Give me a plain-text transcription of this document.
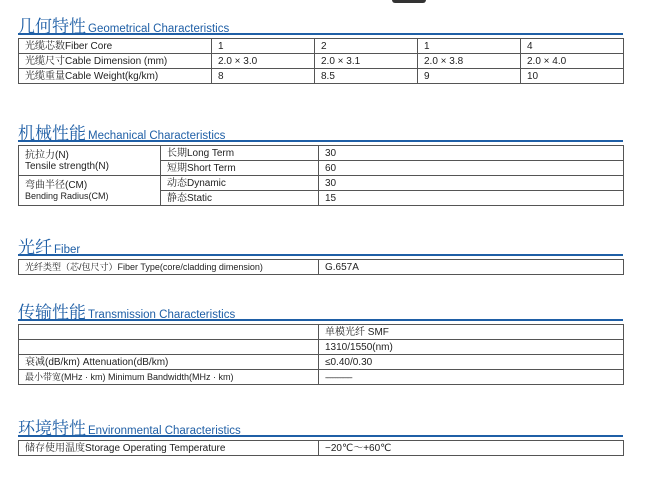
几何特性 Geometrical Characteristics
光缆芯数Fiber Core	1	2	1	4
光缆尺寸Cable Dimension (mm)	2.0 × 3.0	2.0 × 3.1	2.0 × 3.8	2.0 × 4.0
光缆重量Cable Weight(kg/km)	8	8.5	9	10
机械性能 Mechanical Characteristics
抗拉力(N)
Tensile strength(N)	长期Long Term	30
	短期Short Term	60

弯曲半径(CM)
Bending Radius(CM)	动态Dynamic	30
	静态Static	15
光纤 Fiber
光纤类型（芯/包尺寸）Fiber Type(core/cladding dimension)	G.657A
传输性能 Transmission Characteristics
	单模光纤 SMF
	1310/1550(nm)
衰减(dB/km) Attenuation(dB/km)	≤0.40/0.30
最小带宽(MHz · km) Minimum Bandwidth(MHz · km)	----------------
环境特性 Environmental Characteristics
储存使用温度Storage Operating Temperature	−20℃～+60℃
